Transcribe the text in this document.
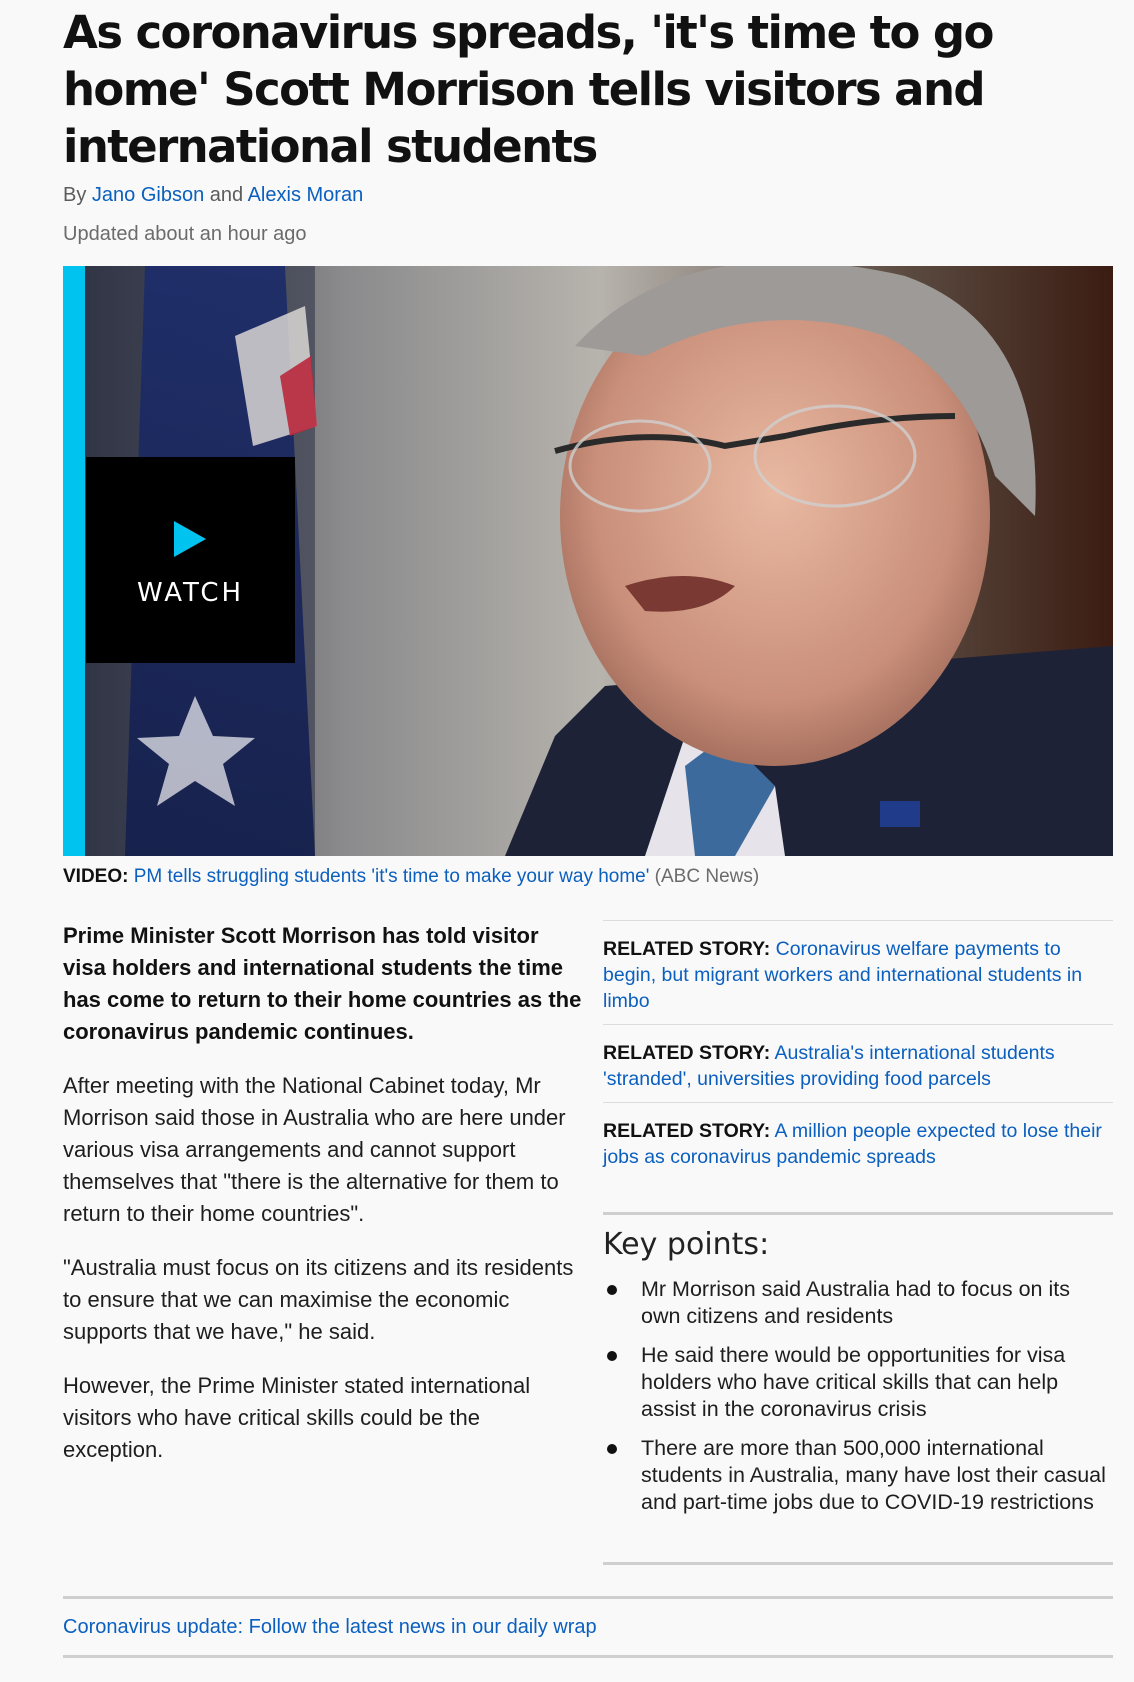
As coronavirus spreads, 'it's time to go home' Scott Morrison tells visitors and international students
By Jano Gibson and Alexis Moran
Updated about an hour ago
WATCH
VIDEO: PM tells struggling students 'it's time to make your way home' (ABC News)

Prime Minister Scott Morrison has told visitor visa holders and international students the time has come to return to their home countries as the coronavirus pandemic continues.

After meeting with the National Cabinet today, Mr Morrison said those in Australia who are here under various visa arrangements and cannot support themselves that "there is the alternative for them to return to their home countries".

"Australia must focus on its citizens and its residents to ensure that we can maximise the economic supports that we have," he said.

However, the Prime Minister stated international visitors who have critical skills could be the exception.

RELATED STORY: Coronavirus welfare payments to begin, but migrant workers and international students in limbo
RELATED STORY: Australia's international students 'stranded', universities providing food parcels
RELATED STORY: A million people expected to lose their jobs as coronavirus pandemic spreads
Key points:
Mr Morrison said Australia had to focus on its own citizens and residents
He said there would be opportunities for visa holders who have critical skills that can help assist in the coronavirus crisis
There are more than 500,000 international students in Australia, many have lost their casual and part-time jobs due to COVID-19 restrictions
Coronavirus update: Follow the latest news in our daily wrap
